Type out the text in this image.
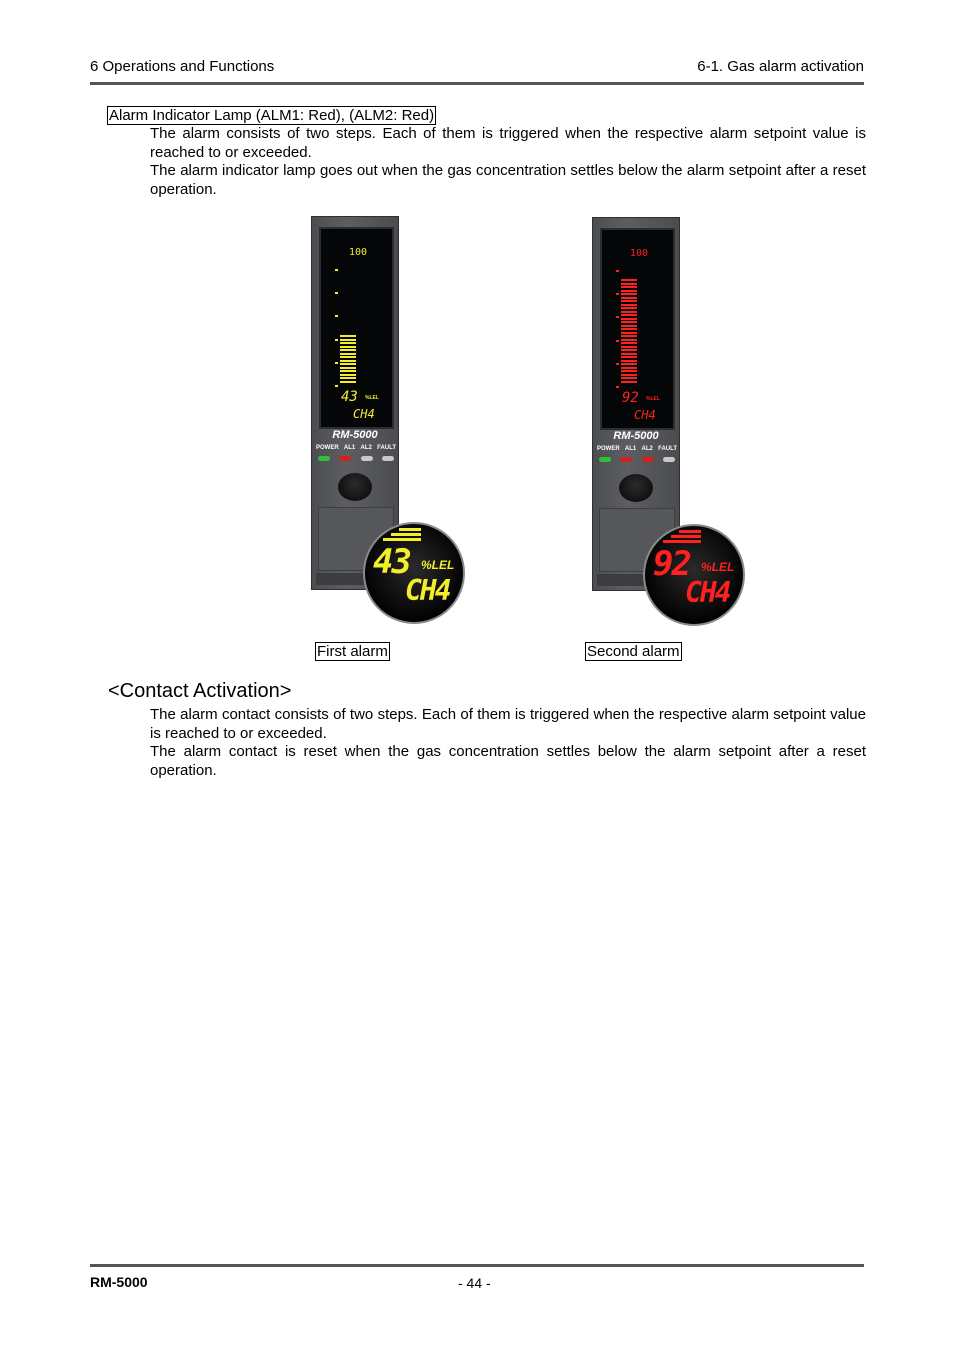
6 Operations and Functions	6-1. Gas alarm activation
Alarm Indicator Lamp (ALM1: Red), (ALM2: Red)
The alarm consists of two steps. Each of them is triggered when the respective alarm setpoint value is reached to or exceeded.
The alarm indicator lamp goes out when the gas concentration settles below the alarm setpoint after a reset operation.
100
43 %LEL
CH4
RM-5000
POWER AL1 AL2 FAULT
43 %LEL
CH4
100
92 %LEL
CH4
RM-5000
POWER AL1 AL2 FAULT
92 %LEL
CH4
First alarm	Second alarm
<Contact Activation>
The alarm contact consists of two steps. Each of them is triggered when the respective alarm setpoint value is reached to or exceeded.
The alarm contact is reset when the gas concentration settles below the alarm setpoint after a reset operation.
RM-5000	- 44 -
